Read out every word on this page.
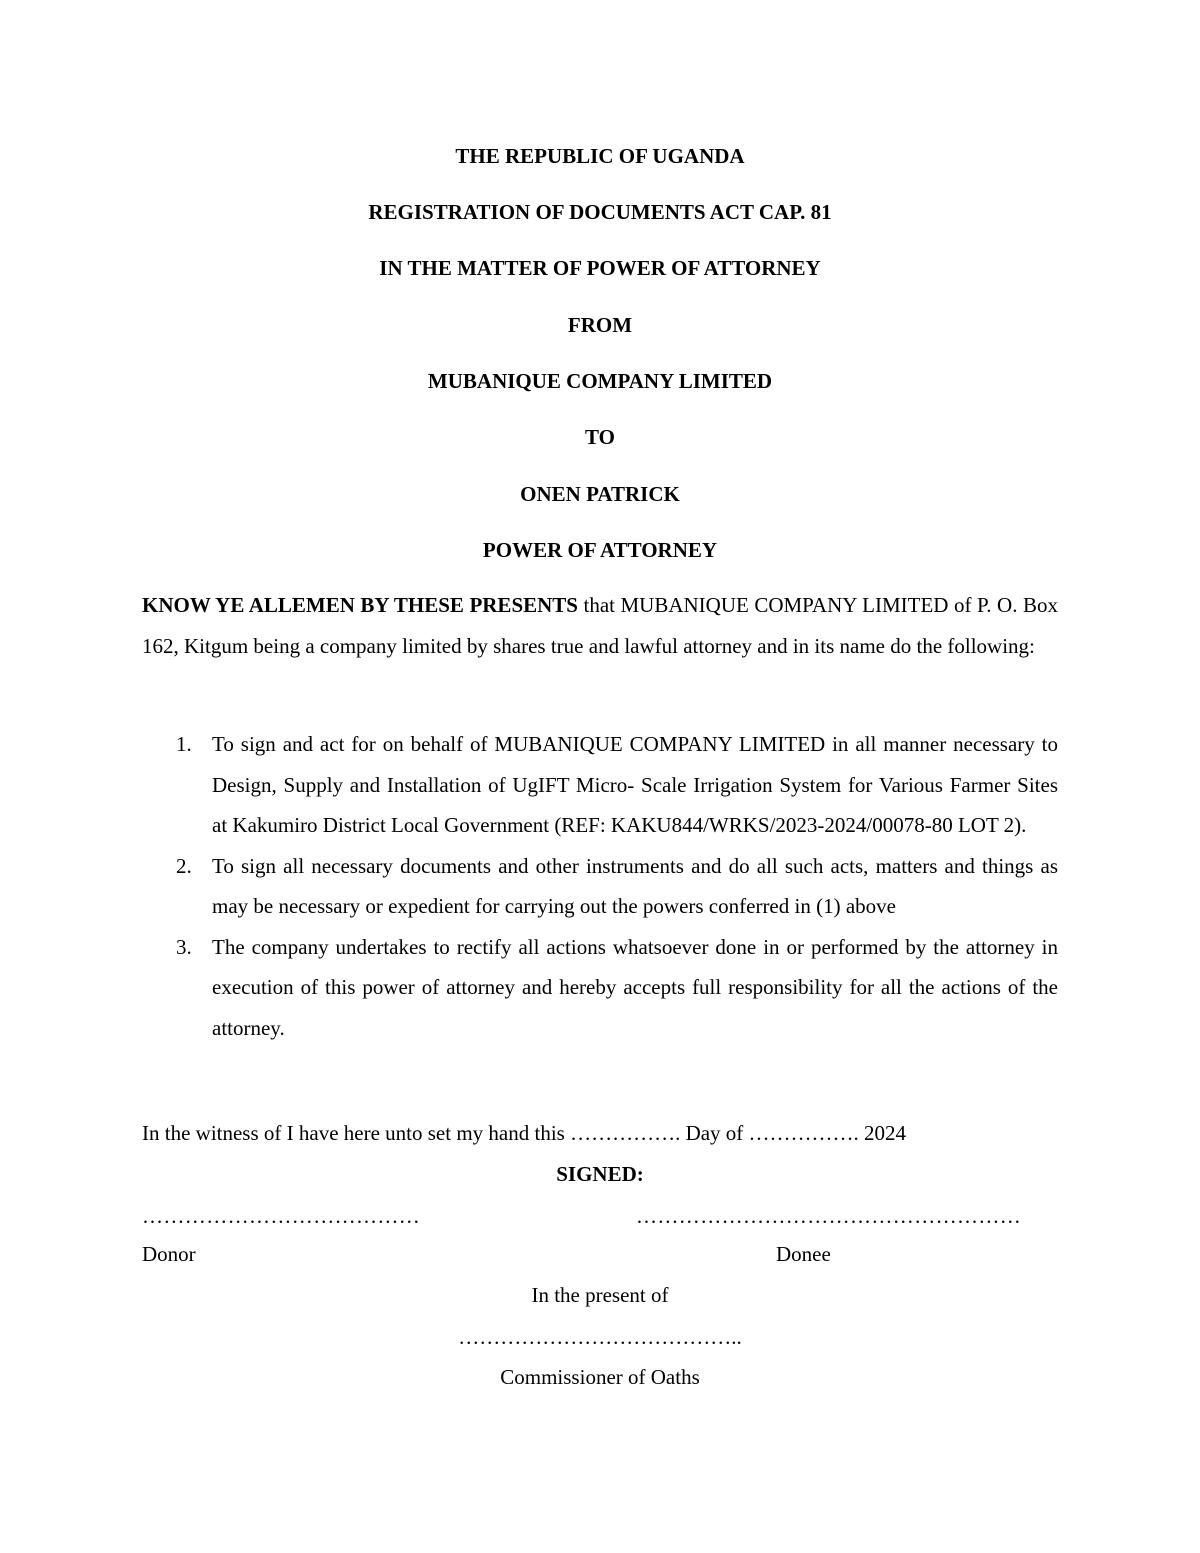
THE REPUBLIC OF UGANDA
REGISTRATION OF DOCUMENTS ACT CAP. 81
IN THE MATTER OF POWER OF ATTORNEY
FROM
MUBANIQUE COMPANY LIMITED
TO
ONEN PATRICK
POWER OF ATTORNEY
KNOW YE ALLEMEN BY THESE PRESENTS that MUBANIQUE COMPANY LIMITED of P. O. Box 162, Kitgum being a company limited by shares true and lawful attorney and in its name do the following:
1. To sign and act for on behalf of MUBANIQUE COMPANY LIMITED in all manner necessary to Design, Supply and Installation of UgIFT Micro- Scale Irrigation System for Various Farmer Sites at Kakumiro District Local Government (REF: KAKU844/WRKS/2023-2024/00078-80 LOT 2).
2. To sign all necessary documents and other instruments and do all such acts, matters and things as may be necessary or expedient for carrying out the powers conferred in (1) above
3. The company undertakes to rectify all actions whatsoever done in or performed by the attorney in execution of this power of attorney and hereby accepts full responsibility for all the actions of the attorney.
In the witness of I have here unto set my hand this ……………. Day of ……………. 2024
SIGNED:
…………………………………	………………………………………………
Donor	Donee
In the present of
…………………………………..
Commissioner of Oaths
